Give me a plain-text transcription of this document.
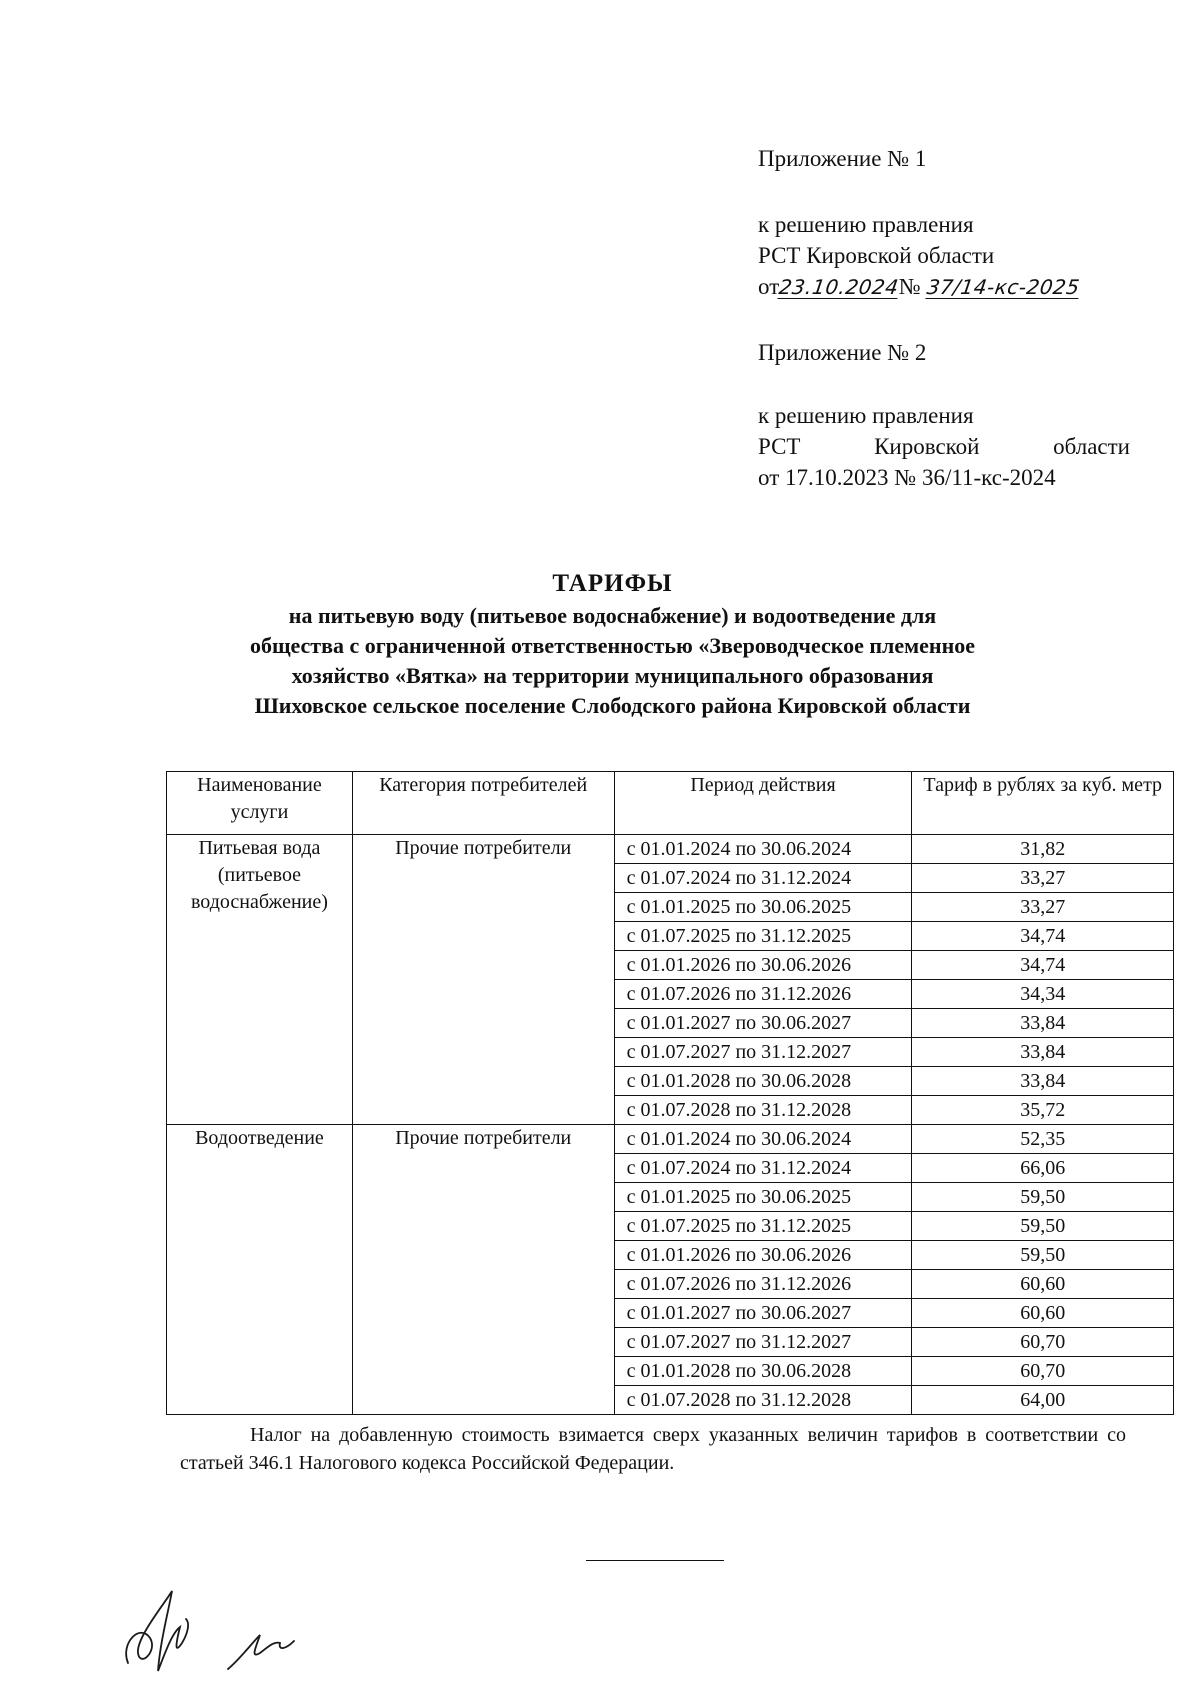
Приложение № 1
к решению правления
РСТ Кировской области
от23.10.2024№ 37/14-кс-2025
Приложение № 2
к решению правления
РСТ	Кировской	области
от 17.10.2023 № 36/11-кс-2024
ТАРИФЫ
на питьевую воду (питьевое водоснабжение) и водоотведение для
общества с ограниченной ответственностью «Звероводческое племенное
хозяйство «Вятка» на территории муниципального образования
Шиховское сельское поселение Слободского района Кировской области
Наименование услуги	Категория потребителей	Период действия	Тариф в рублях за куб. метр
Питьевая вода (питьевое водоснабжение)	Прочие потребители	с 01.01.2024 по 30.06.2024	31,82
		с 01.07.2024 по 31.12.2024	33,27
		с 01.01.2025 по 30.06.2025	33,27
		с 01.07.2025 по 31.12.2025	34,74
		с 01.01.2026 по 30.06.2026	34,74
		с 01.07.2026 по 31.12.2026	34,34
		с 01.01.2027 по 30.06.2027	33,84
		с 01.07.2027 по 31.12.2027	33,84
		с 01.01.2028 по 30.06.2028	33,84
		с 01.07.2028 по 31.12.2028	35,72
Водоотведение	Прочие потребители	с 01.01.2024 по 30.06.2024	52,35
		с 01.07.2024 по 31.12.2024	66,06
		с 01.01.2025 по 30.06.2025	59,50
		с 01.07.2025 по 31.12.2025	59,50
		с 01.01.2026 по 30.06.2026	59,50
		с 01.07.2026 по 31.12.2026	60,60
		с 01.01.2027 по 30.06.2027	60,60
		с 01.07.2027 по 31.12.2027	60,70
		с 01.01.2028 по 30.06.2028	60,70
		с 01.07.2028 по 31.12.2028	64,00
Налог на добавленную стоимость взимается сверх указанных величин тарифов в соответствии со статьей 346.1 Налогового кодекса Российской Федерации.
